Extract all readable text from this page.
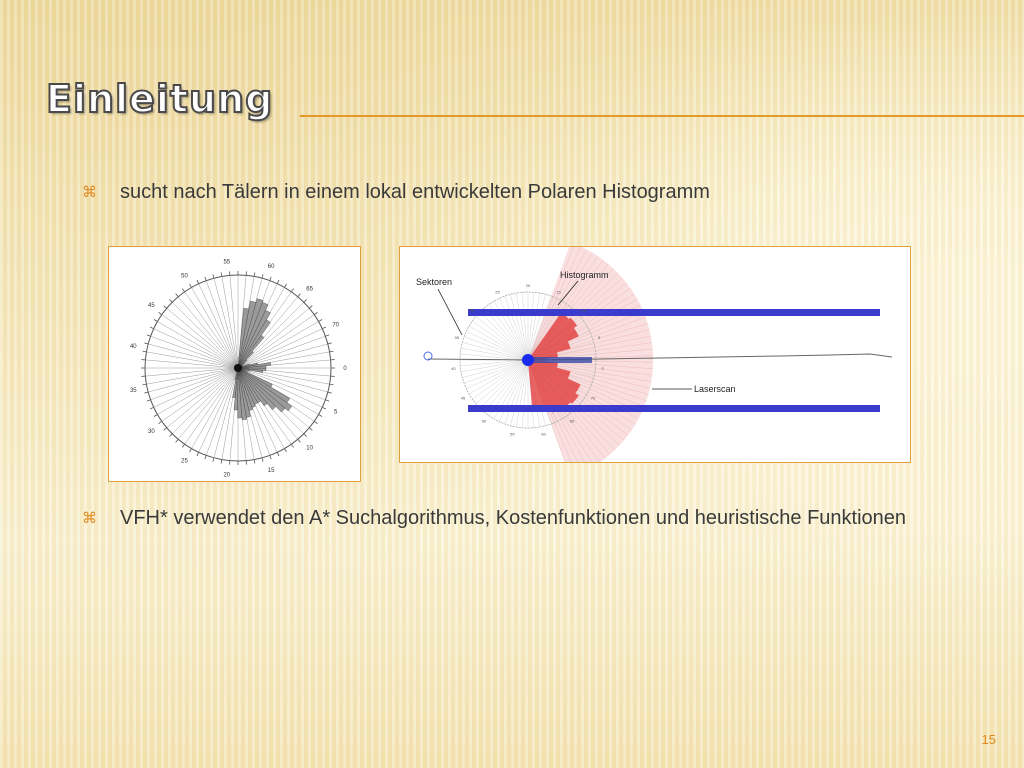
Einleitung
⌘	sucht nach Tälern in einem lokal entwickelten Polaren Histogramm
0
5
10
15
20
25
30
35
40
45
50
55
60
65
70
Sektoren
Histogramm
Laserscan
20
25
30
35
40
45
50
55	60
65
70
0
5
10
15
⌘	VFH* verwendet den A* Suchalgorithmus, Kostenfunktionen und heuristische Funktionen
15
